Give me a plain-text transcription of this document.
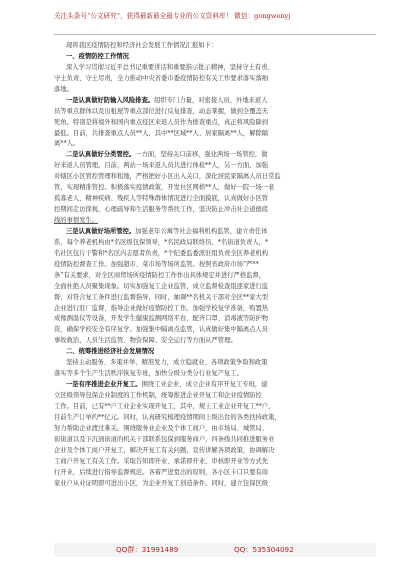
关注头条号“公文研究”，获得最新最全最专业的公文资料库！ 微信：gongwenyj
现将我区疫情防控和经济社会发展工作情况汇报如下：
一、疫情防控工作情况
深入学习贯彻习近平总书记重要讲话和重要指示批示精神，坚持守土有责、
守土负责、守土尽责，全力推动中央省委市委疫情防控有关工作要求落实落细
落地。
一是认真做好防输入风险排查。组织专门力量，对密接人员、外地来返人
员等重点群体以及出租屋等重点部位进行反复排查，动态掌握，做到全覆盖无
死角。特别是将境外和国内重点疫区来返人员作为排查重点，真正将风险降到
最低。目前，共排查重点人员**人，其中**区域**人、居家隔离**人，解除隔
离**人。
二是认真做好分类管控。一方面，坚持关口前移，强化两场一场管控，做
好来返人员管理。目前，两站一场来返人员共进行体检**人，另一方面，加强
对辖区小区管控管理和租地，严格把好小区出入关口，深化居民家隔离人员日常监
管，实现精准管控。积极落实疫情政策，开发社区网格**人，做好一院一场一老
孤寡老人、精神疾病、残疾人等特殊群体情况进行全面摸底，认真做好小区管
控期间走访探视，心理疏导和生活服务等帮扶工作，坚决防止冲击社会道德底
线的事情发生。
三是认真做好场所管控。加强老年公寓等社会福利机构监管，建立责任体
系，每个养老机构由*名区级包保领导，*名民政局联络员，*名街道负责人，*
名社区包片干警和*名区内志愿者负责，*个纪委监委派驻组负责全区养老机构
疫情防控督查工作。加强超市、菜市场等场所监管。按照省政府市场“严**
条”有关要求，对全区商贸场所疫情防控工作作出具体规定并进行严格监督，
全面杜绝人员聚集现象。切实加强复工企业监管，成立监督检查组逐家进行监
督，对符合复工条件进行监督指导，同时，抽调**名机关干部对全区**家大型
企业进行驻厂监督，指导企业做好疫情防控工作。加强学校复学准备，购置热
成像测温仪等设备，开发学生健康监测网络平台，配齐口罩、消毒液等防护物
资，确保学校安全有序复学。加强集中隔离点监管，认真做好集中隔离点人员
事故救治，人员生活监管、物资保障、安全运行等方面从严管理。
二、统筹推进经济社会发展情况
坚持主动服务、多策并举、精准发力，成立稳就业、各项政策争取和政策
落实等多个生产生活秩序恢复专班，加快分级分类分行业复产复工。
一是有序推进企业开复工。围绕工业企业，成立企业有序开复工专班，建
立区级领导包保企业制度的工作机制，统筹推进企业开复工和企业疫情防控
工作。目前，已有**户工业企业实现开复工，其中，规上工业企业开复工**户，
目前生产订单约**亿元。同时，认真研究梳理疫情期间上级出台的各类扶持政策，
努力帮助企业渡过难关。围绕服务业企业及个体工商户，由市场局、城管局、
街街道以及下沉到街道的机关干部联系包保到服务商户，四条线共同推进服务业
企业及个体工商户开复工，解决开复工有关问题，宣传讲解各项政策，协调解决
工商户开复工有关工作。采取告知即开业、承诺即开业、审核即开业等方式先
行开业，后续进行指导监督规范。各着严进宽出的原则，各小区卡口只要有商
家业户从业证明即可进出小区，为企业开复工创造条件。同时，建立包保区级
QQ群：31991489	QQ：535304092
